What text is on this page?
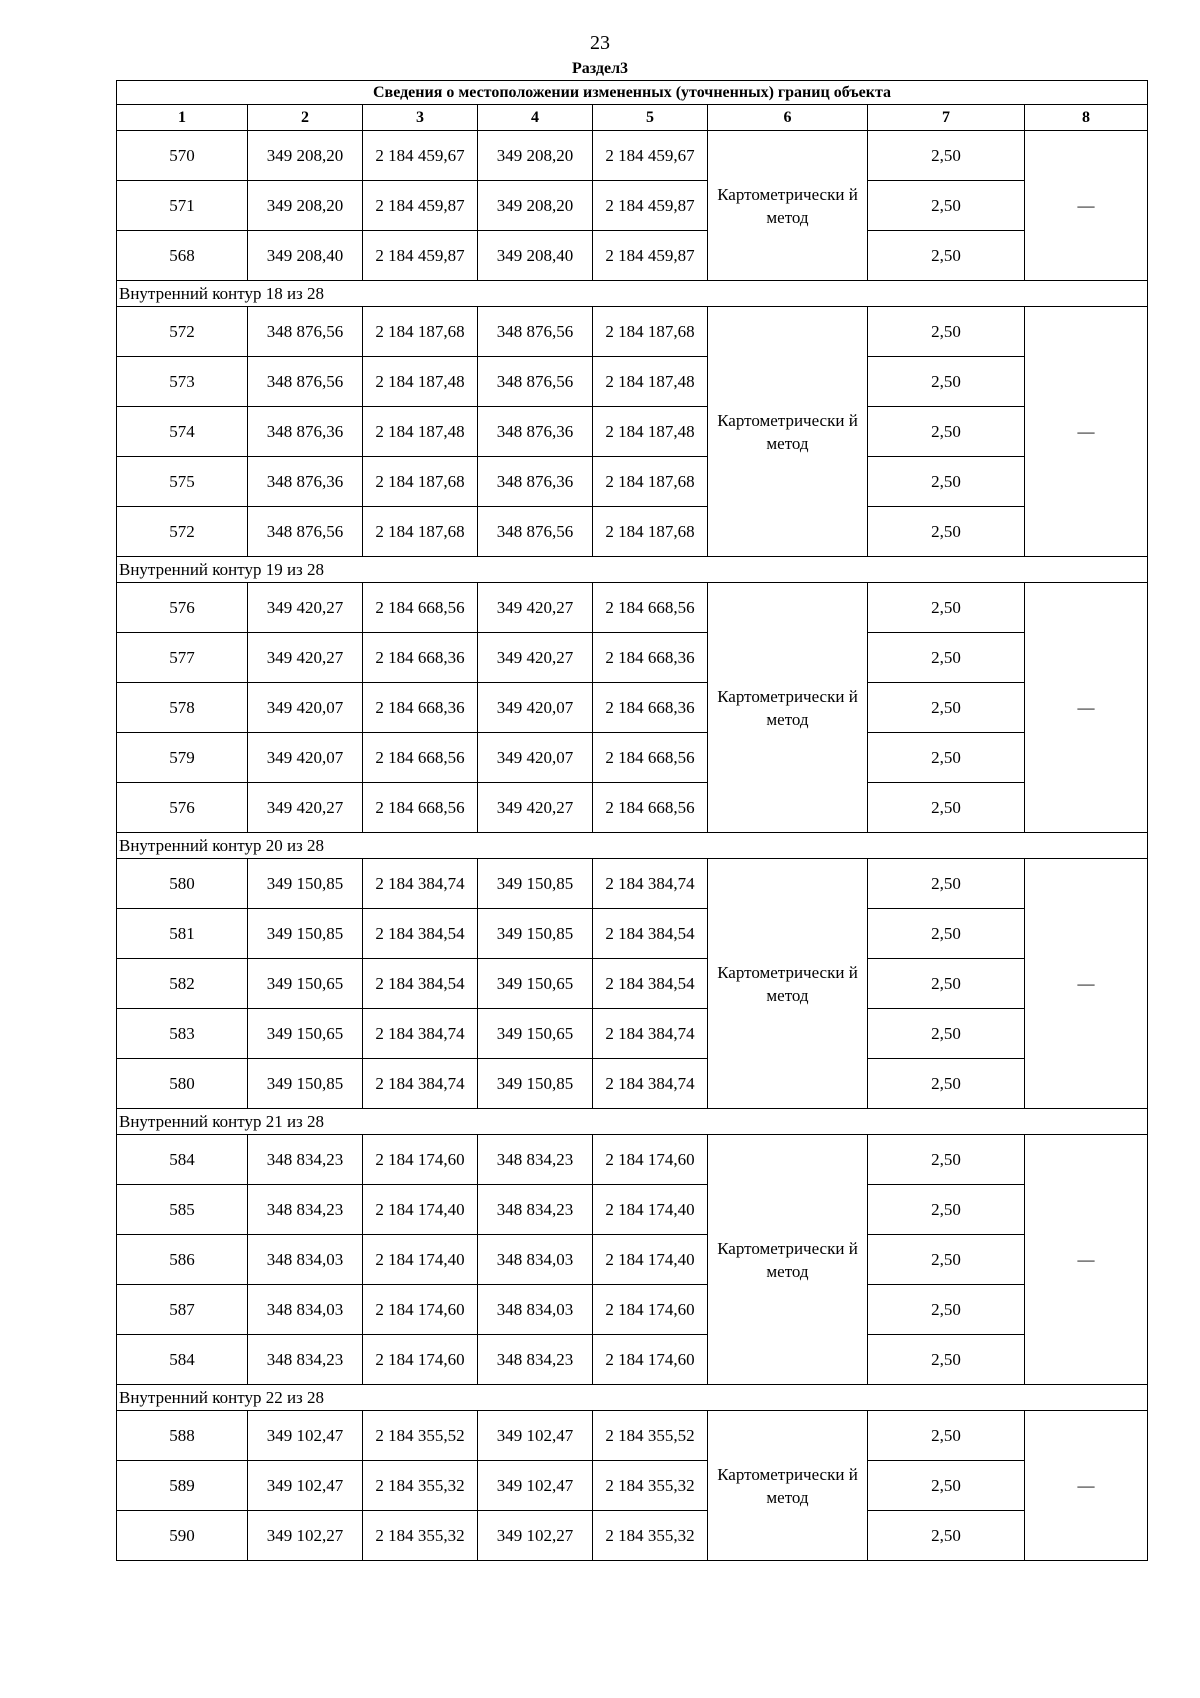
23
Раздел3
Сведения о местоположении измененных (уточненных) границ объекта							
1	2	3	4	5	6	7	8
570	349 208,20	2 184 459,67	349 208,20	2 184 459,67	Картометрически й метод	2,50	—
571	349 208,20	2 184 459,87	349 208,20	2 184 459,87		2,50	
568	349 208,40	2 184 459,87	349 208,40	2 184 459,87		2,50	
Внутренний контур 18 из 28							
572	348 876,56	2 184 187,68	348 876,56	2 184 187,68	Картометрически й метод	2,50	—
573	348 876,56	2 184 187,48	348 876,56	2 184 187,48		2,50	
574	348 876,36	2 184 187,48	348 876,36	2 184 187,48		2,50	
575	348 876,36	2 184 187,68	348 876,36	2 184 187,68		2,50	
572	348 876,56	2 184 187,68	348 876,56	2 184 187,68		2,50	
Внутренний контур 19 из 28							
576	349 420,27	2 184 668,56	349 420,27	2 184 668,56	Картометрически й метод	2,50	—
577	349 420,27	2 184 668,36	349 420,27	2 184 668,36		2,50	
578	349 420,07	2 184 668,36	349 420,07	2 184 668,36		2,50	
579	349 420,07	2 184 668,56	349 420,07	2 184 668,56		2,50	
576	349 420,27	2 184 668,56	349 420,27	2 184 668,56		2,50	
Внутренний контур 20 из 28							
580	349 150,85	2 184 384,74	349 150,85	2 184 384,74	Картометрически й метод	2,50	—
581	349 150,85	2 184 384,54	349 150,85	2 184 384,54		2,50	
582	349 150,65	2 184 384,54	349 150,65	2 184 384,54		2,50	
583	349 150,65	2 184 384,74	349 150,65	2 184 384,74		2,50	
580	349 150,85	2 184 384,74	349 150,85	2 184 384,74		2,50	
Внутренний контур 21 из 28							
584	348 834,23	2 184 174,60	348 834,23	2 184 174,60	Картометрически й метод	2,50	—
585	348 834,23	2 184 174,40	348 834,23	2 184 174,40		2,50	
586	348 834,03	2 184 174,40	348 834,03	2 184 174,40		2,50	
587	348 834,03	2 184 174,60	348 834,03	2 184 174,60		2,50	
584	348 834,23	2 184 174,60	348 834,23	2 184 174,60		2,50	
Внутренний контур 22 из 28							
588	349 102,47	2 184 355,52	349 102,47	2 184 355,52	Картометрически й метод	2,50	—
589	349 102,47	2 184 355,32	349 102,47	2 184 355,32		2,50	
590	349 102,27	2 184 355,32	349 102,27	2 184 355,32		2,50	
